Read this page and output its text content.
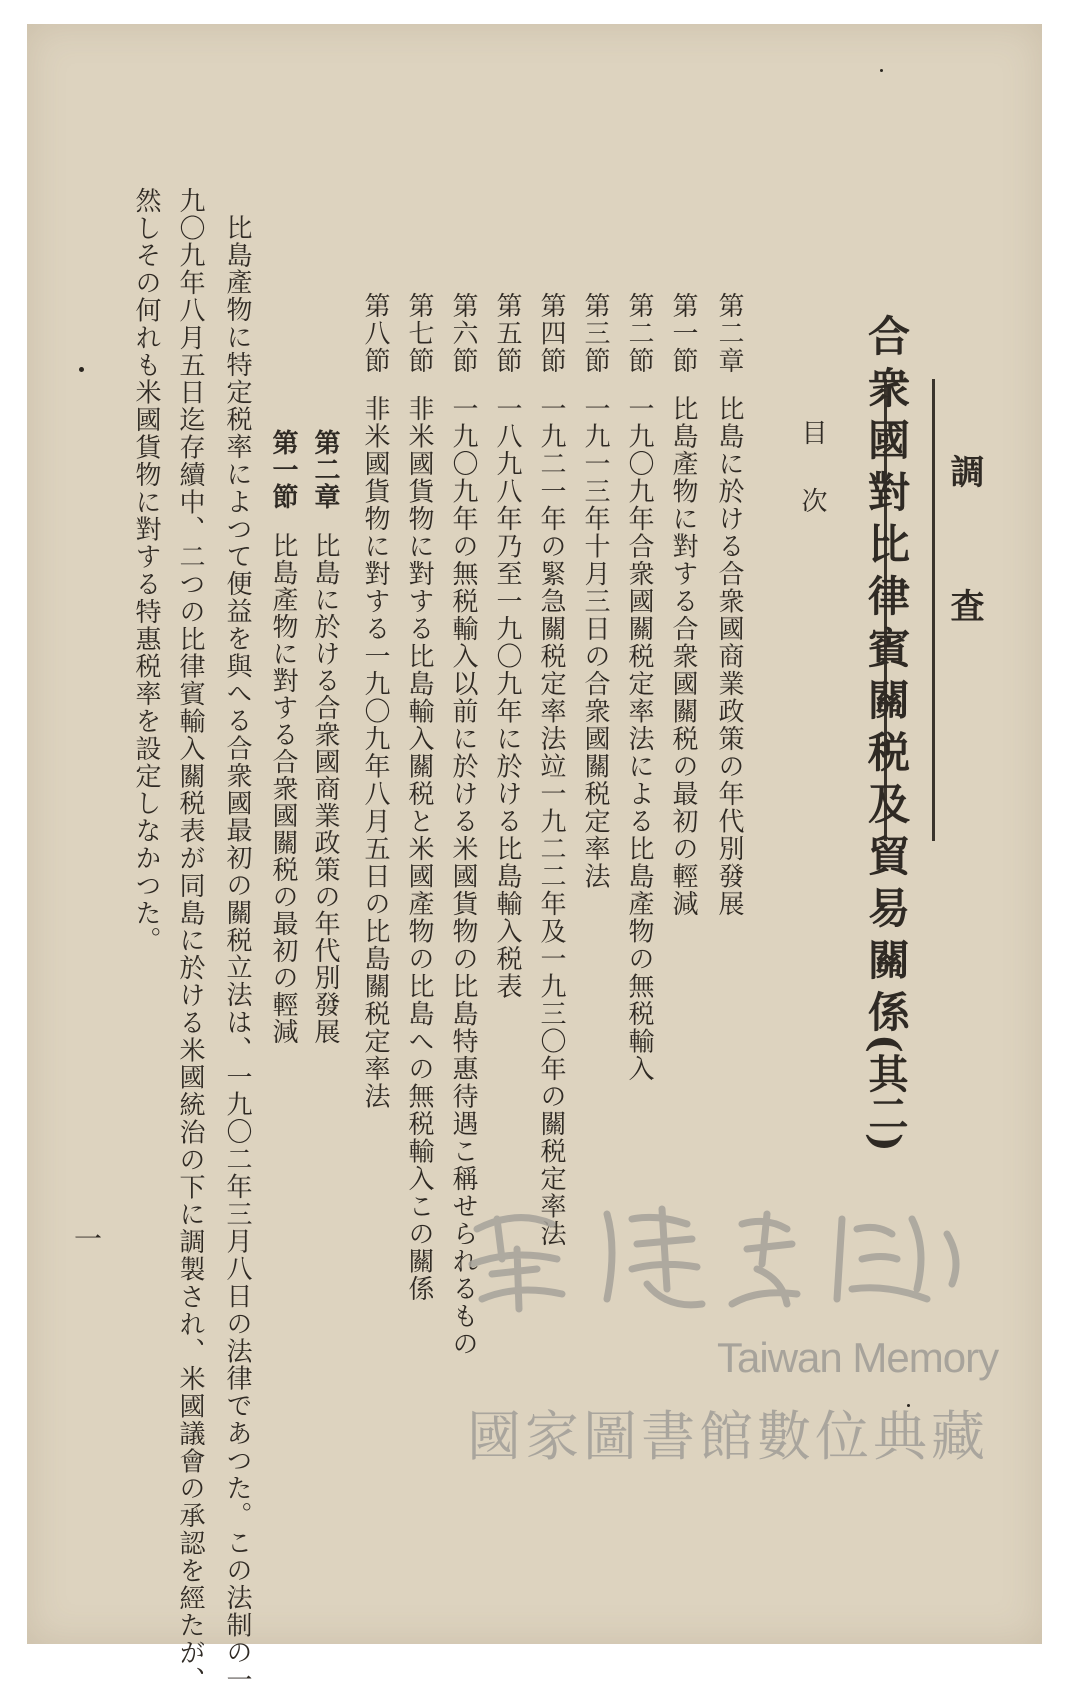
調査
合衆國對比律賓關税及貿易關係
(其二)
目次
第二章比島に於ける合衆國商業政策の年代別發展
第一節比島產物に對する合衆國關税の最初の輕減
第二節一九〇九年合衆國關税定率法による比島產物の無税輸入
第三節一九一三年十月三日の合衆國關税定率法
第四節一九二一年の緊急關税定率法竝一九二二年及一九三〇年の關税定率法
第五節一八九八年乃至一九〇九年に於ける比島輸入税表
第六節一九〇九年の無税輸入以前に於ける米國貨物の比島特惠待遇こ稱せられるもの
第七節非米國貨物に對する比島輸入關税と米國產物の比島への無税輸入この關係
第八節非米國貨物に對する一九〇九年八月五日の比島關税定率法
第二章比島に於ける合衆國商業政策の年代別發展
第一節比島產物に對する合衆國關税の最初の輕減
比島產物に特定税率によつて便益を與へる合衆國最初の關税立法は、一九〇二年三月八日の法律であつた。この法制の一
九〇九年八月五日迄存續中、二つの比律賓輸入關税表が同島に於ける米國統治の下に調製され、米國議會の承認を經たが、
然しその何れも米國貨物に對する特惠税率を設定しなかつた。
一
Taiwan Memory
國家圖書館數位典藏
